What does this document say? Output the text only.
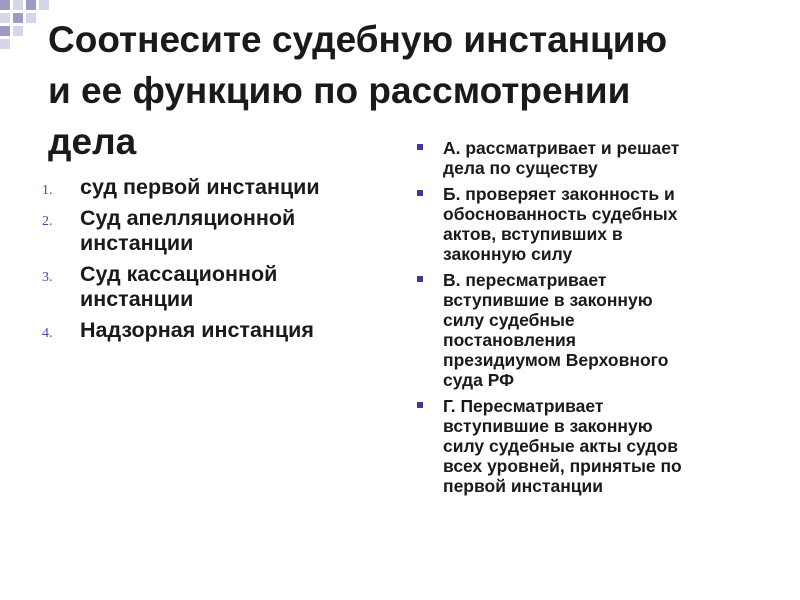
Соотнесите судебную инстанцию
и ее функцию по рассмотрении
дела
1. суд первой инстанции
2. Суд апелляционной
инстанции
3. Суд кассационной
инстанции
4. Надзорная инстанция
А. рассматривает и решает
дела по существу
Б. проверяет законность и
обоснованность судебных
актов, вступивших в
законную силу
В. пересматривает
вступившие в законную
силу судебные
постановления
президиумом Верховного
суда РФ
Г. Пересматривает
вступившие в законную
силу судебные акты судов
всех уровней, принятые по
первой инстанции
